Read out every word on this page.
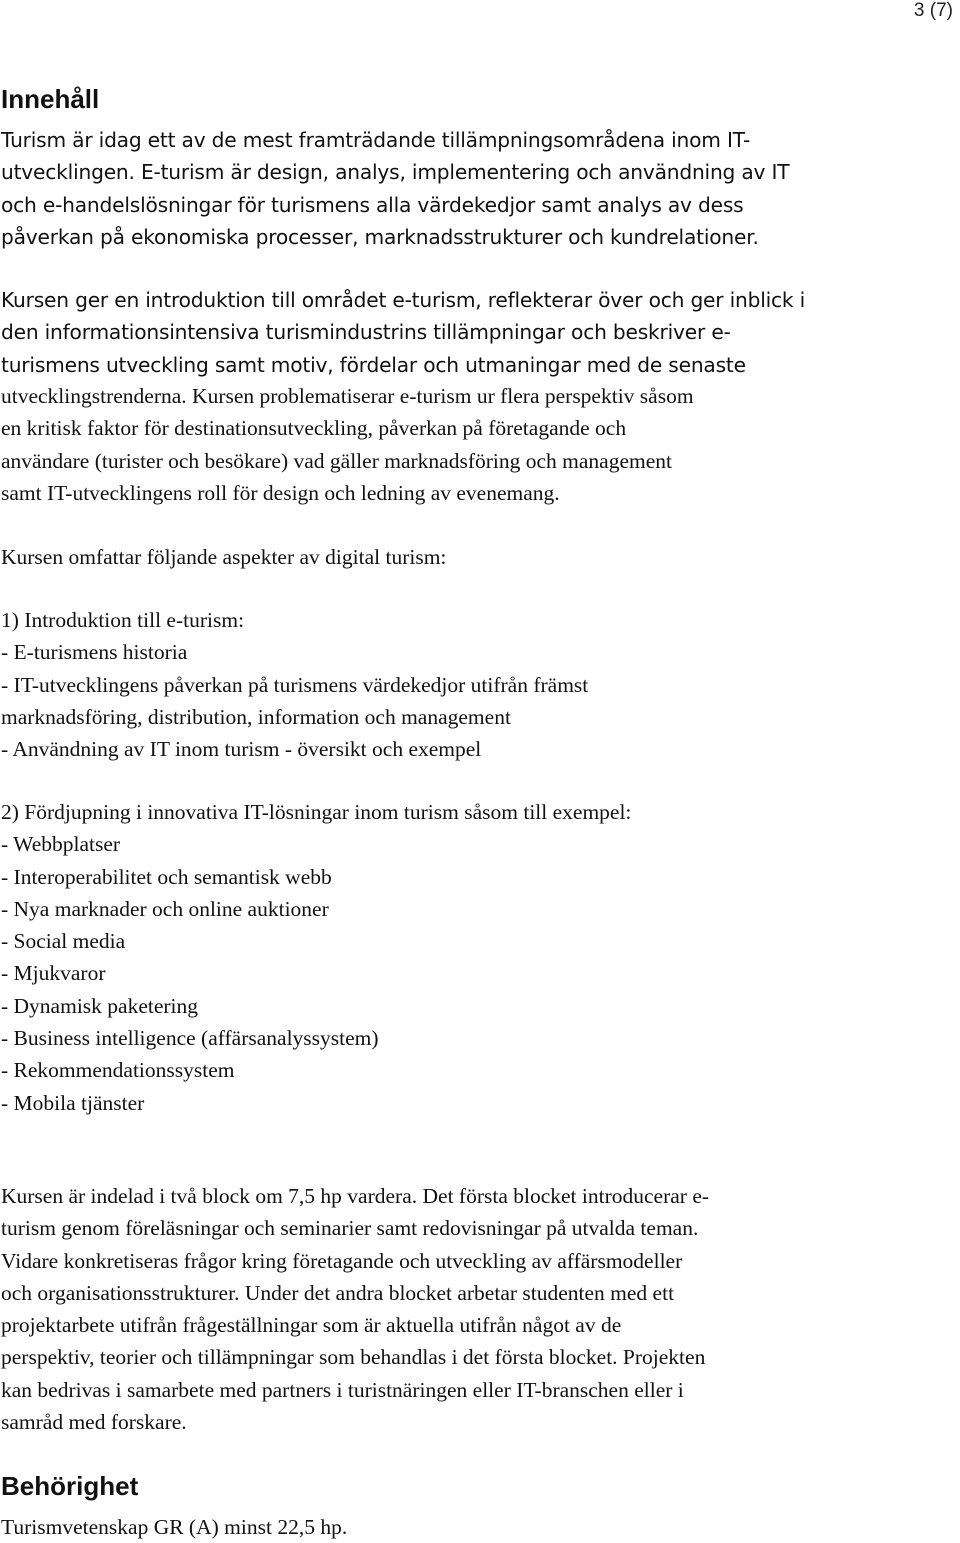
3 (7)
Innehåll

Turism är idag ett av de mest framträdande tillämpningsområdena inom IT-
utvecklingen. E-turism är design, analys, implementering och användning av IT
och e-handelslösningar för turismens alla värdekedjor samt analys av dess
påverkan på ekonomiska processer, marknadsstrukturer och kundrelationer.

Kursen ger en introduktion till området e-turism, reflekterar över och ger inblick i
den informationsintensiva turismindustrins tillämpningar och beskriver e-
turismens utveckling samt motiv, fördelar och utmaningar med de senaste

utvecklingstrenderna. Kursen problematiserar e-turism ur flera perspektiv såsom
en kritisk faktor för destinationsutveckling, påverkan på företagande och
användare (turister och besökare) vad gäller marknadsföring och management
samt IT-utvecklingens roll för design och ledning av evenemang.

Kursen omfattar följande aspekter av digital turism:

1) Introduktion till e-turism:
- E-turismens historia
- IT-utvecklingens påverkan på turismens värdekedjor utifrån främst
marknadsföring, distribution, information och management
- Användning av IT inom turism - översikt och exempel

2) Fördjupning i innovativa IT-lösningar inom turism såsom till exempel:
- Webbplatser
- Interoperabilitet och semantisk webb
- Nya marknader och online auktioner
- Social media
- Mjukvaror
- Dynamisk paketering
- Business intelligence (affärsanalyssystem)
- Rekommendationssystem
- Mobila tjänster

Kursen är indelad i två block om 7,5 hp vardera. Det första blocket introducerar e-
turism genom föreläsningar och seminarier samt redovisningar på utvalda teman.
Vidare konkretiseras frågor kring företagande och utveckling av affärsmodeller
och organisationsstrukturer. Under det andra blocket arbetar studenten med ett
projektarbete utifrån frågeställningar som är aktuella utifrån något av de
perspektiv, teorier och tillämpningar som behandlas i det första blocket. Projekten
kan bedrivas i samarbete med partners i turistnäringen eller IT-branschen eller i
samråd med forskare.

Behörighet

Turismvetenskap GR (A) minst 22,5 hp.
